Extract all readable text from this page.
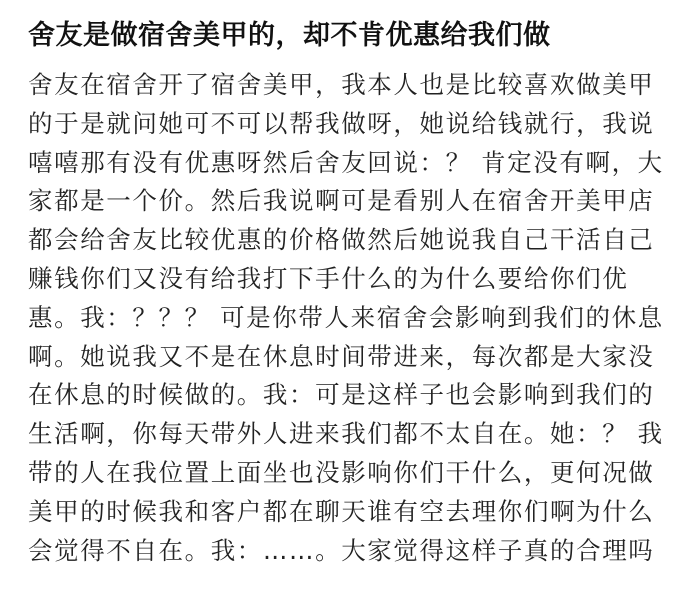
舍友是做宿舍美甲的，却不肯优惠给我们做
舍友在宿舍开了宿舍美甲，我本人也是比较喜欢做美甲
的于是就问她可不可以帮我做呀，她说给钱就行，我说
嘻嘻那有没有优惠呀然后舍友回说：？ 肯定没有啊，大
家都是一个价。然后我说啊可是看别人在宿舍开美甲店
都会给舍友比较优惠的价格做然后她说我自己干活自己
赚钱你们又没有给我打下手什么的为什么要给你们优
惠。我：？？？ 可是你带人来宿舍会影响到我们的休息
啊。她说我又不是在休息时间带进来，每次都是大家没
在休息的时候做的。我：可是这样子也会影响到我们的
生活啊，你每天带外人进来我们都不太自在。她：？ 我
带的人在我位置上面坐也没影响你们干什么，更何况做
美甲的时候我和客户都在聊天谁有空去理你们啊为什么
会觉得不自在。我：……。大家觉得这样子真的合理吗
